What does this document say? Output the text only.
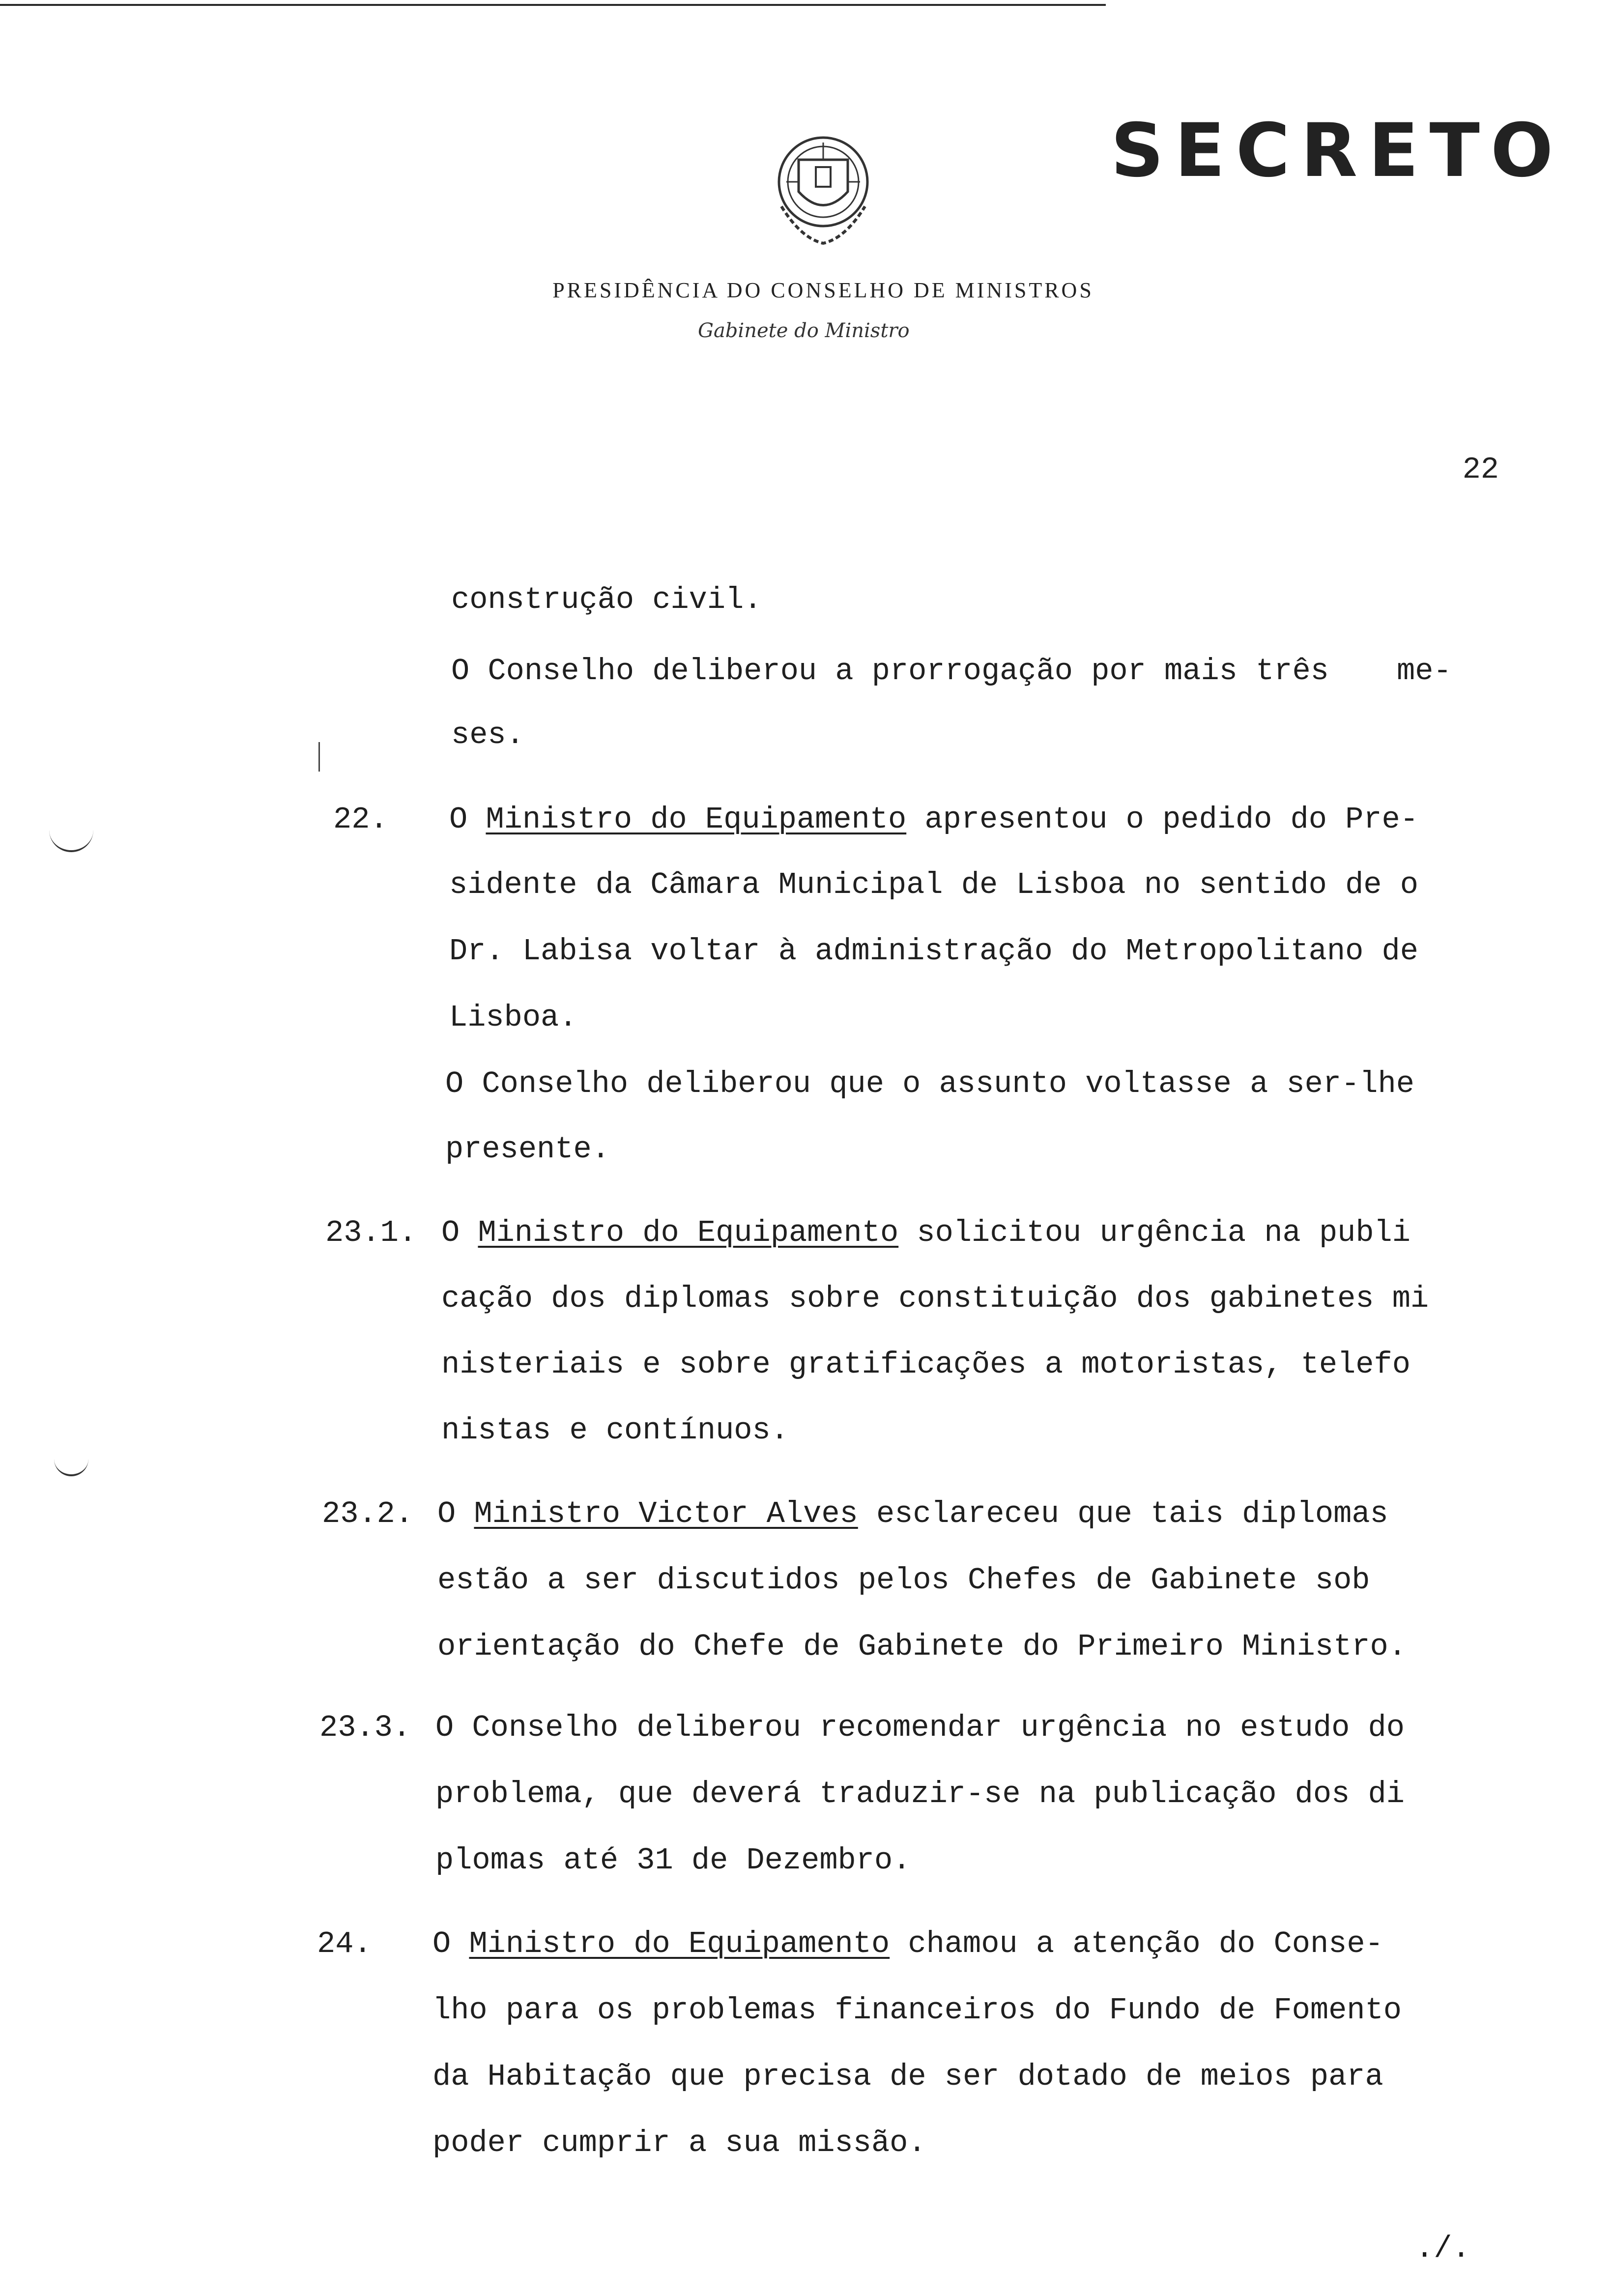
SECRETO
PRESIDÊNCIA DO CONSELHO DE MINISTROS
Gabinete do Ministro
22
construção civil.
O Conselho deliberou a prorrogação por mais três me-
ses.
22. O Ministro do Equipamento apresentou o pedido do Pre-
sidente da Câmara Municipal de Lisboa no sentido de o
Dr. Labisa voltar à administração do Metropolitano de
Lisboa.
O Conselho deliberou que o assunto voltasse a ser-lhe
presente.
23.1. O Ministro do Equipamento solicitou urgência na publi
cação dos diplomas sobre constituição dos gabinetes mi
nisteriais e sobre gratificações a motoristas, telefo
nistas e contínuos.
23.2. O Ministro Victor Alves esclareceu que tais diplomas
estão a ser discutidos pelos Chefes de Gabinete sob
orientação do Chefe de Gabinete do Primeiro Ministro.
23.3. O Conselho deliberou recomendar urgência no estudo do
problema, que deverá traduzir-se na publicação dos di
plomas até 31 de Dezembro.
24. O Ministro do Equipamento chamou a atenção do Conse-
lho para os problemas financeiros do Fundo de Fomento
da Habitação que precisa de ser dotado de meios para
poder cumprir a sua missão.
./.
